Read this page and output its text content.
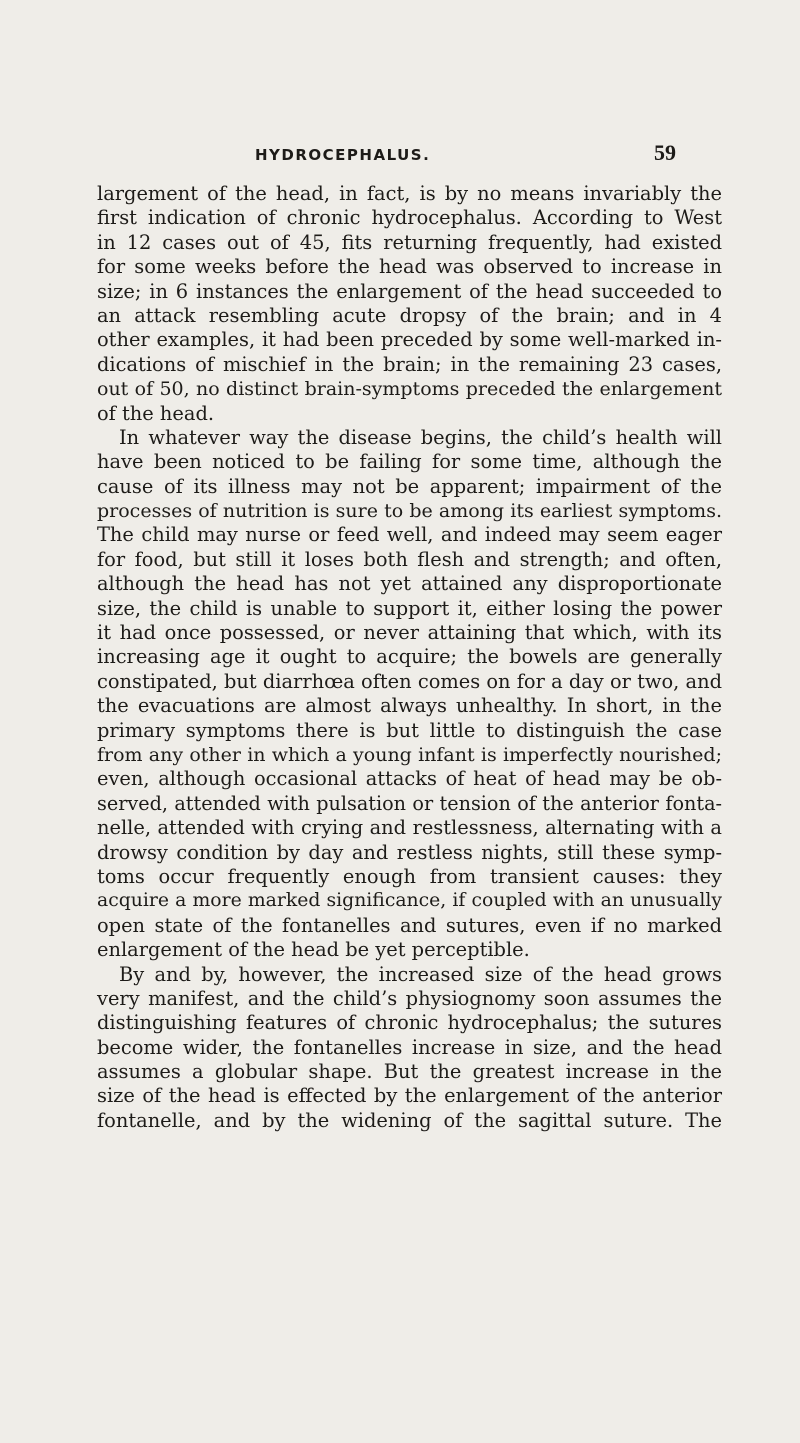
HYDROCEPHALUS.	59
largement of the head, in fact, is by no means invariably the
first indication of chronic hydrocephalus. According to West
in 12 cases out of 45, fits returning frequently, had existed
for some weeks before the head was observed to increase in
size; in 6 instances the enlargement of the head succeeded to
an attack resembling acute dropsy of the brain; and in 4
other examples, it had been preceded by some well-marked in-
dications of mischief in the brain; in the remaining 23 cases,
out of 50, no distinct brain-symptoms preceded the enlargement
of the head.
In whatever way the disease begins, the child’s health will
have been noticed to be failing for some time, although the
cause of its illness may not be apparent; impairment of the
processes of nutrition is sure to be among its earliest symptoms.
The child may nurse or feed well, and indeed may seem eager
for food, but still it loses both flesh and strength; and often,
although the head has not yet attained any disproportionate
size, the child is unable to support it, either losing the power
it had once possessed, or never attaining that which, with its
increasing age it ought to acquire; the bowels are generally
constipated, but diarrhœa often comes on for a day or two, and
the evacuations are almost always unhealthy. In short, in the
primary symptoms there is but little to distinguish the case
from any other in which a young infant is imperfectly nourished;
even, although occasional attacks of heat of head may be ob-
served, attended with pulsation or tension of the anterior fonta-
nelle, attended with crying and restlessness, alternating with a
drowsy condition by day and restless nights, still these symp-
toms occur frequently enough from transient causes: they
acquire a more marked significance, if coupled with an unusually
open state of the fontanelles and sutures, even if no marked
enlargement of the head be yet perceptible.
By and by, however, the increased size of the head grows
very manifest, and the child’s physiognomy soon assumes the
distinguishing features of chronic hydrocephalus; the sutures
become wider, the fontanelles increase in size, and the head
assumes a globular shape. But the greatest increase in the
size of the head is effected by the enlargement of the anterior
fontanelle, and by the widening of the sagittal suture. The
